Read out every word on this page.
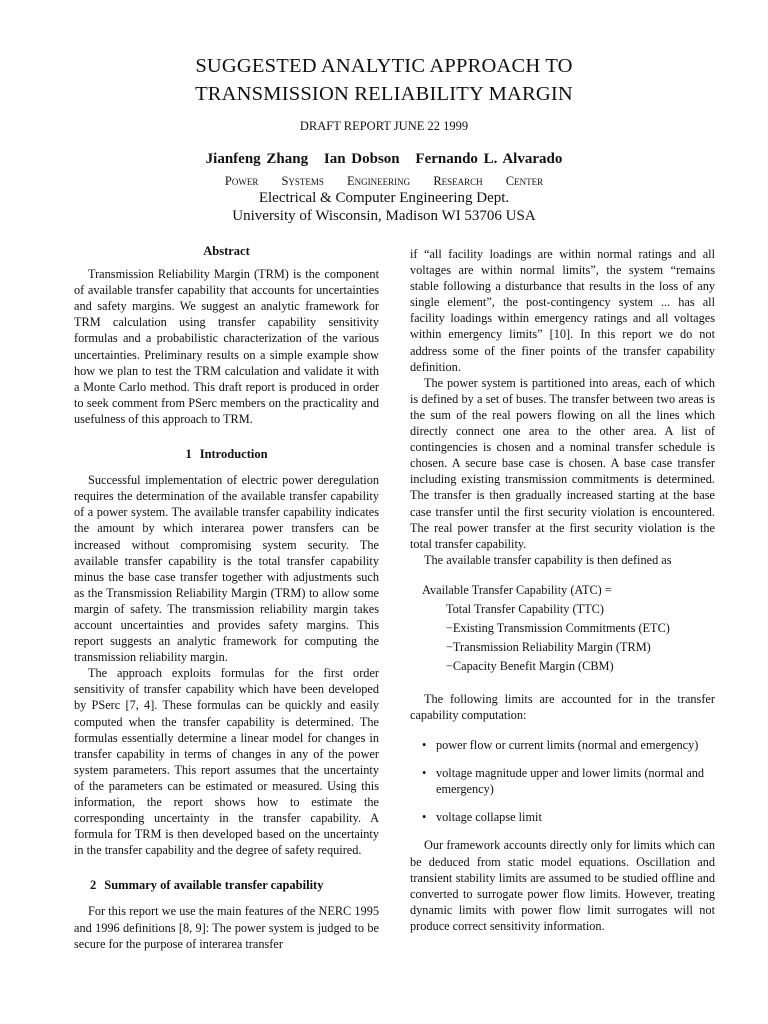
SUGGESTED ANALYTIC APPROACH TO
TRANSMISSION RELIABILITY MARGIN
DRAFT REPORT JUNE 22 1999
Jianfeng Zhang Ian Dobson Fernando L. Alvarado
Power Systems Engineering Research Center
Electrical & Computer Engineering Dept.
University of Wisconsin, Madison WI 53706 USA
Abstract

Transmission Reliability Margin (TRM) is the component of available transfer capability that accounts for uncertainties and safety margins. We suggest an analytic framework for TRM calculation using transfer capability sensitivity formulas and a probabilistic characterization of the various uncertainties. Preliminary results on a simple example show how we plan to test the TRM calculation and validate it with a Monte Carlo method. This draft report is produced in order to seek comment from PSerc members on the practicality and usefulness of this approach to TRM.

1 Introduction

Successful implementation of electric power deregulation requires the determination of the available transfer capability of a power system. The available transfer capability indicates the amount by which interarea power transfers can be increased without compromising system security. The available transfer capability is the total transfer capability minus the base case transfer together with adjustments such as the Transmission Reliability Margin (TRM) to allow some margin of safety. The transmission reliability margin takes account uncertainties and provides safety margins. This report suggests an analytic framework for computing the transmission reliability margin.

The approach exploits formulas for the first order sensitivity of transfer capability which have been developed by PSerc [7, 4]. These formulas can be quickly and easily computed when the transfer capability is determined. The formulas essentially determine a linear model for changes in transfer capability in terms of changes in any of the power system parameters. This report assumes that the uncertainty of the parameters can be estimated or measured. Using this information, the report shows how to estimate the corresponding uncertainty in the transfer capability. A formula for TRM is then developed based on the uncertainty in the transfer capability and the degree of safety required.

2 Summary of available transfer capability

For this report we use the main features of the NERC 1995 and 1996 definitions [8, 9]: The power system is judged to be secure for the purpose of interarea transfer

if “all facility loadings are within normal ratings and all voltages are within normal limits”, the system “remains stable following a disturbance that results in the loss of any single element”, the post-contingency system ... has all facility loadings within emergency ratings and all voltages within emergency limits” [10]. In this report we do not address some of the finer points of the transfer capability definition.

The power system is partitioned into areas, each of which is defined by a set of buses. The transfer between two areas is the sum of the real powers flowing on all the lines which directly connect one area to the other area. A list of contingencies is chosen and a nominal transfer schedule is chosen. A secure base case is chosen. A base case transfer including existing transmission commitments is determined. The transfer is then gradually increased starting at the base case transfer until the first security violation is encountered. The real power transfer at the first security violation is the total transfer capability.

The available transfer capability is then defined as

Available Transfer Capability (ATC) =
Total Transfer Capability (TTC)
−Existing Transmission Commitments (ETC)
−Transmission Reliability Margin (TRM)
−Capacity Benefit Margin (CBM)

The following limits are accounted for in the transfer capability computation:

• power flow or current limits (normal and emergency)
• voltage magnitude upper and lower limits (normal and emergency)
• voltage collapse limit

Our framework accounts directly only for limits which can be deduced from static model equations. Oscillation and transient stability limits are assumed to be studied offline and converted to surrogate power flow limits. However, treating dynamic limits with power flow limit surrogates will not produce correct sensitivity information.
